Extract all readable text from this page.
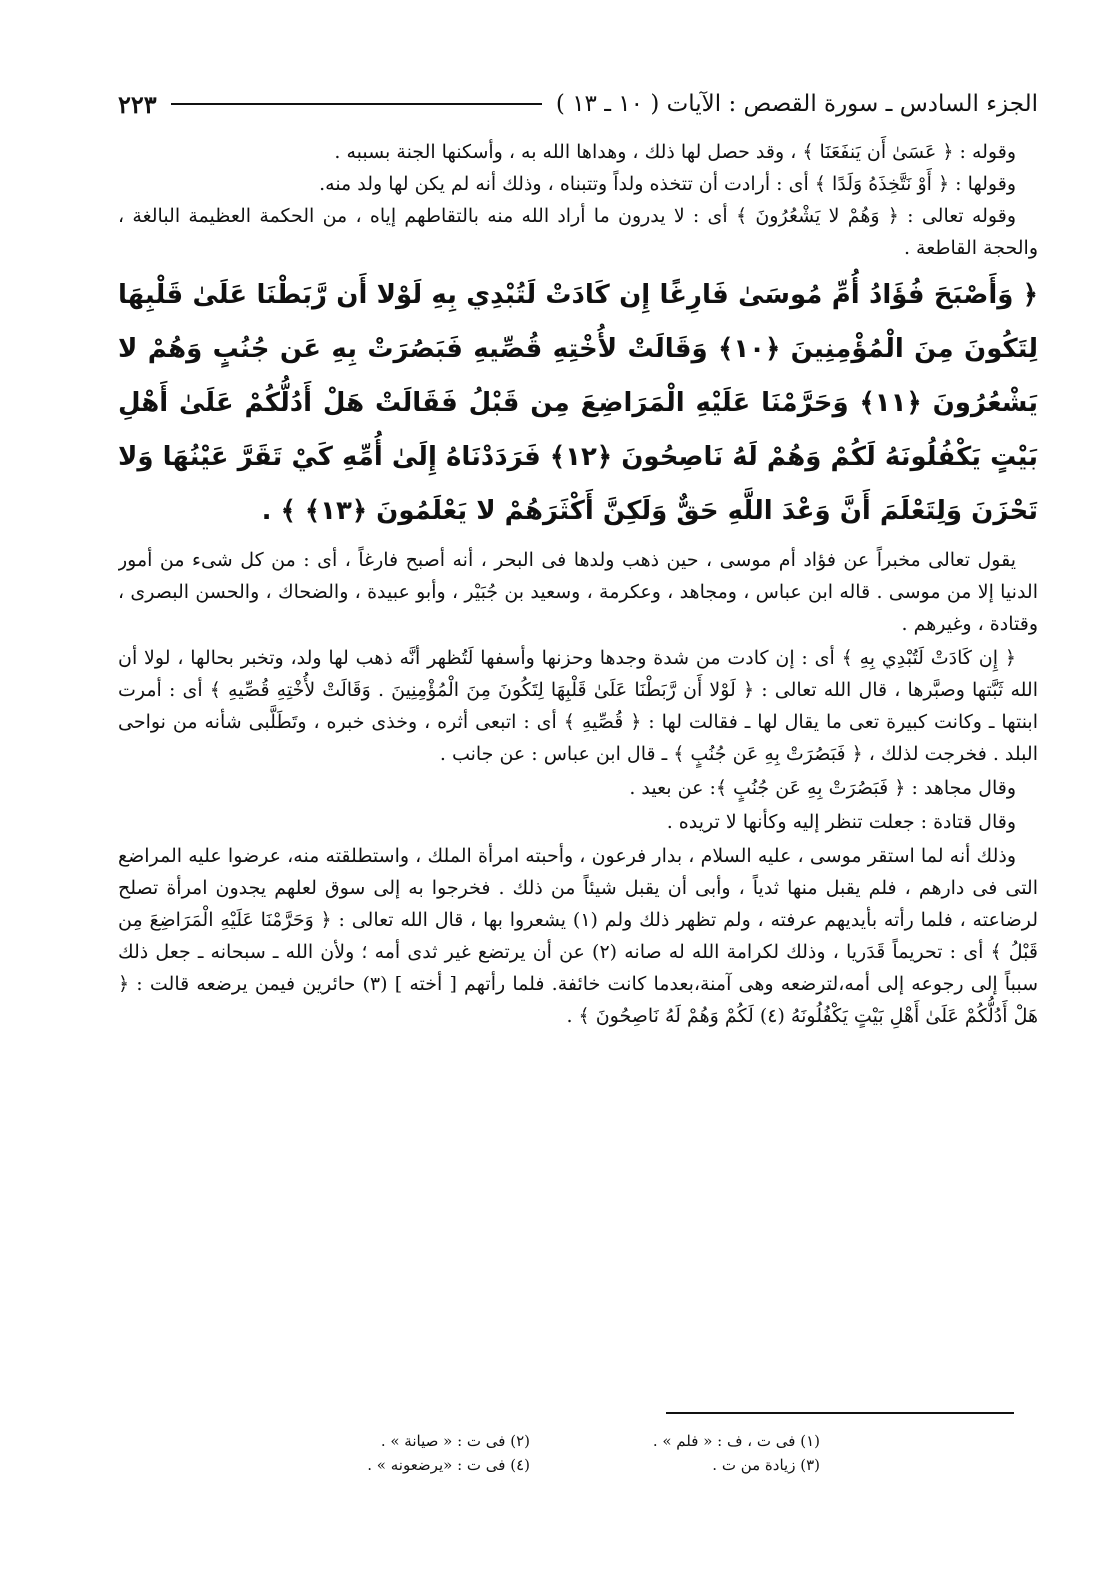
الجزء السادس ـ سورة القصص : الآيات ( ١٠ ـ ١٣ )
٢٢٣

وقوله : ﴿ عَسَىٰ أَن يَنفَعَنَا ﴾ ، وقد حصل لها ذلك ، وهداها الله به ، وأسكنها الجنة بسببه .

وقولها : ﴿ أَوْ نَتَّخِذَهُ وَلَدًا ﴾ أى : أرادت أن تتخذه ولداً وتتبناه ، وذلك أنه لم يكن لها ولد منه.

وقوله تعالى : ﴿ وَهُمْ لا يَشْعُرُونَ ﴾ أى : لا يدرون ما أراد الله منه بالتقاطهم إياه ، من الحكمة العظيمة البالغة ، والحجة القاطعة .

﴿ وَأَصْبَحَ فُؤَادُ أُمِّ مُوسَىٰ فَارِغًا إِن كَادَتْ لَتُبْدِي بِهِ لَوْلا أَن رَّبَطْنَا عَلَىٰ قَلْبِهَا لِتَكُونَ مِنَ الْمُؤْمِنِينَ ﴿١٠﴾ وَقَالَتْ لأُخْتِهِ قُصِّيهِ فَبَصُرَتْ بِهِ عَن جُنُبٍ وَهُمْ لا يَشْعُرُونَ ﴿١١﴾ وَحَرَّمْنَا عَلَيْهِ الْمَرَاضِعَ مِن قَبْلُ فَقَالَتْ هَلْ أَدُلُّكُمْ عَلَىٰ أَهْلِ بَيْتٍ يَكْفُلُونَهُ لَكُمْ وَهُمْ لَهُ نَاصِحُونَ ﴿١٢﴾ فَرَدَدْنَاهُ إِلَىٰ أُمِّهِ كَيْ تَقَرَّ عَيْنُهَا وَلا تَحْزَنَ وَلِتَعْلَمَ أَنَّ وَعْدَ اللَّهِ حَقٌّ وَلَكِنَّ أَكْثَرَهُمْ لا يَعْلَمُونَ ﴿١٣﴾ ﴾ .

يقول تعالى مخبراً عن فؤاد أم موسى ، حين ذهب ولدها فى البحر ، أنه أصبح فارغاً ، أى : من كل شىء من أمور الدنيا إلا من موسى . قاله ابن عباس ، ومجاهد ، وعكرمة ، وسعيد بن جُبَيْر ، وأبو عبيدة ، والضحاك ، والحسن البصرى ، وقتادة ، وغيرهم .

﴿ إِن كَادَتْ لَتُبْدِي بِهِ ﴾ أى : إن كادت من شدة وجدها وحزنها وأسفها لَتُظهر أنَّه ذهب لها ولد، وتخبر بحالها ، لولا أن الله ثَبَّتها وصبَّرها ، قال الله تعالى : ﴿ لَوْلا أَن رَّبَطْنَا عَلَىٰ قَلْبِهَا لِتَكُونَ مِنَ الْمُؤْمِنِينَ . وَقَالَتْ لأُخْتِهِ قُصِّيهِ ﴾ أى : أمرت ابنتها ـ وكانت كبيرة تعى ما يقال لها ـ فقالت لها : ﴿ قُصِّيهِ ﴾ أى : اتبعى أثره ، وخذى خبره ، وتَطَلَّبى شأنه من نواحى البلد . فخرجت لذلك ، ﴿ فَبَصُرَتْ بِهِ عَن جُنُبٍ ﴾ ـ قال ابن عباس : عن جانب .

وقال مجاهد : ﴿ فَبَصُرَتْ بِهِ عَن جُنُبٍ ﴾: عن بعيد .

وقال قتادة : جعلت تنظر إليه وكأنها لا تريده .

وذلك أنه لما استقر موسى ، عليه السلام ، بدار فرعون ، وأحبته امرأة الملك ، واستطلقته منه، عرضوا عليه المراضع التى فى دارهم ، فلم يقبل منها ثدياً ، وأبى أن يقبل شيئاً من ذلك . فخرجوا به إلى سوق لعلهم يجدون امرأة تصلح لرضاعته ، فلما رأته بأيديهم عرفته ، ولم تظهر ذلك ولم (١) يشعروا بها ، قال الله تعالى : ﴿ وَحَرَّمْنَا عَلَيْهِ الْمَرَاضِعَ مِن قَبْلُ ﴾ أى : تحريماً قَدَريا ، وذلك لكرامة الله له صانه (٢) عن أن يرتضع غير ثدى أمه ؛ ولأن الله ـ سبحانه ـ جعل ذلك سبباً إلى رجوعه إلى أمه،لترضعه وهى آمنة،بعدما كانت خائفة. فلما رأتهم [ أخته ] (٣) حائرين فيمن يرضعه قالت : ﴿ هَلْ أَدُلُّكُمْ عَلَىٰ أَهْلِ بَيْتٍ يَكْفُلُونَهُ (٤) لَكُمْ وَهُمْ لَهُ نَاصِحُونَ ﴾ .

(١) فى ت ، ف : « فلم » .
(٢) فى ت : « صيانة » .
(٣) زيادة من ت .
(٤) فى ت : «يرضعونه » .
